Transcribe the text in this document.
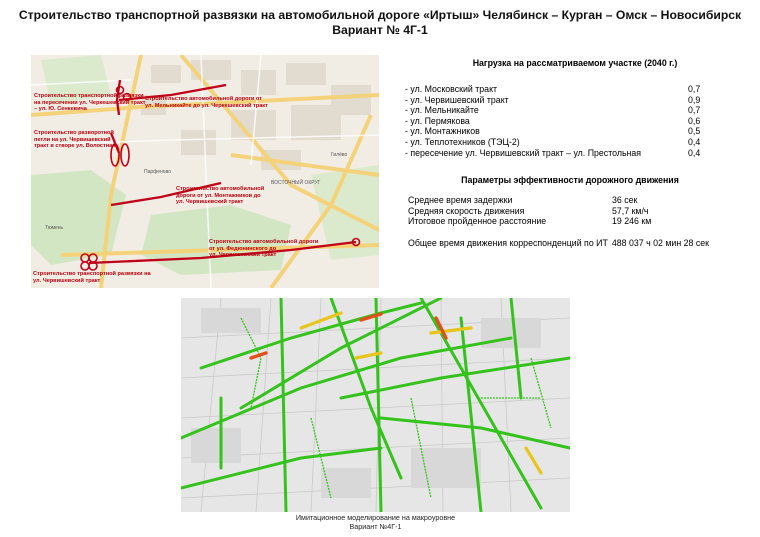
Строительство транспортной развязки на автомобильной дороге «Иртыш» Челябинск – Курган – Омск – Новосибирск
Вариант № 4Г-1
Строительство транспортной развязки
на пересечении ул. Черкешевский тракт
– ул. Ю. Сенкевича
Строительство автомобильной дороги от
ул. Мельникайте до ул. Черкешевский тракт
Строительство разворотной
петли на ул. Червишевский
тракт в створе ул. Волостная
Строительство автомобильной
дороги от ул. Монтажников до
ул. Червишевский тракт
Строительство автомобильной дороги
от ул. Федюнинского до
ул. Червишевский тракт
Строительство транспортной развязки на
ул. Червишевский тракт
Парфеново
ВОСТОЧНЫЙ ОКРУГ
Гилёво
Тюмень
Нагрузка на рассматриваемом участке (2040 г.)
- ул. Московский тракт	0,7
- ул. Червишевский тракт	0,9
- ул. Мельникайте	0,7
- ул. Пермякова	0,6
- ул. Монтажников	0,5
- ул. Теплотехников (ТЭЦ-2)	0,4
- пересечение ул. Червишевский тракт – ул. Престольная	0,4
Параметры эффективности дорожного движения
Среднее время задержки	36 сек
Средняя скорость движения	57,7 км/ч
Итоговое пройденное расстояние	19 246 км
Общее время движения корреспонденций по ИТ 488 037 ч 02 мин 28 сек
Имитационное моделирование на макроуровне
Вариант №4Г-1
